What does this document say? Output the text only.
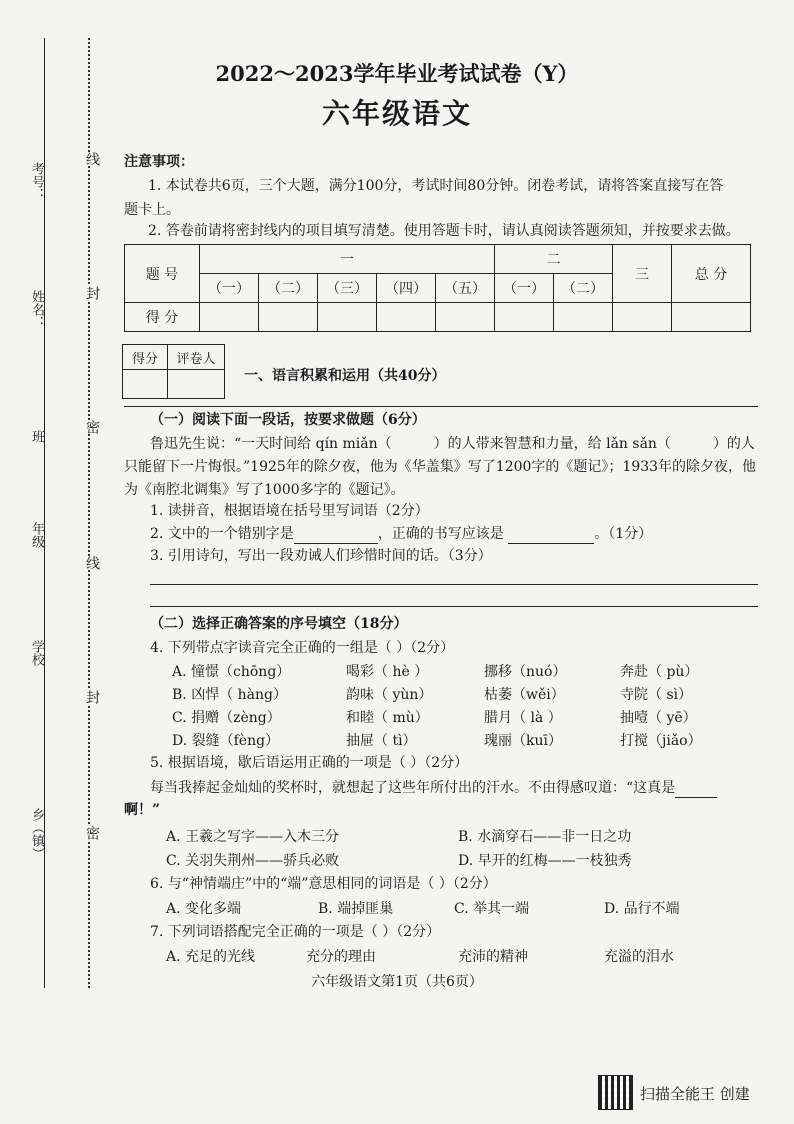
考号：
姓名：
班
年级
学校
乡（镇）
线
封
密
线
封
密
2022～2023学年毕业考试试卷（Y）
六年级语文
注意事项：
1. 本试卷共6页，三个大题，满分100分，考试时间80分钟。闭卷考试，请将答案直接写在答
题卡上。
2. 答卷前请将密封线内的项目填写清楚。使用答题卡时，请认真阅读答题须知，并按要求去做。
题 号	一					二		三	总 分
	（一）	（二）	（三）	（四）	（五）	（一）	（二）		
得 分									
得分	评卷人

一、语言积累和运用（共40分）
（一）阅读下面一段话，按要求做题（6分）
鲁迅先生说：“一天时间给 qín miǎn（	）的人带来智慧和力量，给 lǎn sǎn（	）的人
只能留下一片悔恨。”1925年的除夕夜，他为《华盖集》写了1200字的《题记》；1933年的除夕夜，他
为《南腔北调集》写了1000多字的《题记》。
1. 读拼音，根据语境在括号里写词语（2分）
2. 文中的一个错别字是	，正确的书写应该是	。（1分）
3. 引用诗句，写出一段劝诫人们珍惜时间的话。（3分）
（二）选择正确答案的序号填空（18分）
4. 下列带点字读音完全正确的一组是（ ）（2分）
A. 憧憬（chōng）	喝彩（ hè ）	挪移（nuó）	奔赴（ pù）
B. 凶悍（ hàng）	韵味（ yùn）	枯萎（wěi）	寺院（ sì）
C. 捐赠（zèng）	和睦（ mù）	腊月（ là ）	抽噎（ yē）
D. 裂缝（fèng）	抽屉（ tì）	瑰丽（kuī）	打搅（jiǎo）
5. 根据语境，歇后语运用正确的一项是（ ）（2分）
每当我捧起金灿灿的奖杯时，就想起了这些年所付出的汗水。不由得感叹道：“这真是
啊！”
A. 王羲之写字——入木三分	B. 水滴穿石——非一日之功
C. 关羽失荆州——骄兵必败	D. 早开的红梅——一枝独秀
6. 与“神情端庄”中的“端”意思相同的词语是（ ）（2分）
A. 变化多端	B. 端掉匪巢	C. 举其一端	D. 品行不端
7. 下列词语搭配完全正确的一项是（ ）（2分）
A. 充足的光线	充分的理由	充沛的精神	充溢的泪水
六年级语文第1页（共6页）
扫描全能王 创建
